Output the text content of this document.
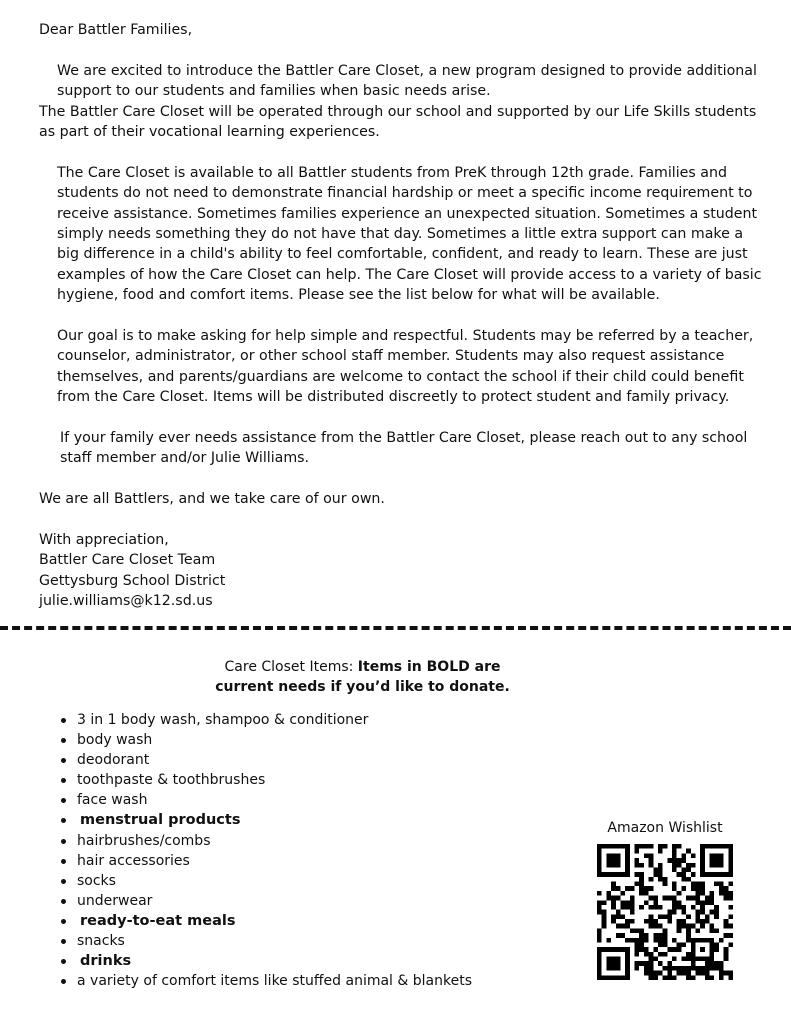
Dear Battler Families,

We are excited to introduce the Battler Care Closet, a new program designed to provide additional support to our students and families when basic needs arise.

The Battler Care Closet will be operated through our school and supported by our Life Skills students as part of their vocational learning experiences.

The Care Closet is available to all Battler students from PreK through 12th grade. Families and students do not need to demonstrate financial hardship or meet a specific income requirement to receive assistance. Sometimes families experience an unexpected situation. Sometimes a student simply needs something they do not have that day. Sometimes a little extra support can make a big difference in a child's ability to feel comfortable, confident, and ready to learn. These are just examples of how the Care Closet can help. The Care Closet will provide access to a variety of basic hygiene, food and comfort items. Please see the list below for what will be available.

Our goal is to make asking for help simple and respectful. Students may be referred by a teacher, counselor, administrator, or other school staff member. Students may also request assistance themselves, and parents/guardians are welcome to contact the school if their child could benefit from the Care Closet. Items will be distributed discreetly to protect student and family privacy.

If your family ever needs assistance from the Battler Care Closet, please reach out to any school staff member and/or Julie Williams.

We are all Battlers, and we take care of our own.

With appreciation,

Battler Care Closet Team

Gettysburg School District

julie.williams@k12.sd.us

Care Closet Items: Items in BOLD are current needs if you’d like to donate.
3 in 1 body wash, shampoo & conditioner
body wash
deodorant
toothpaste & toothbrushes
face wash
menstrual products
hairbrushes/combs
hair accessories
socks
underwear
ready-to-eat meals
snacks
drinks
a variety of comfort items like stuffed animal & blankets
Amazon Wishlist
